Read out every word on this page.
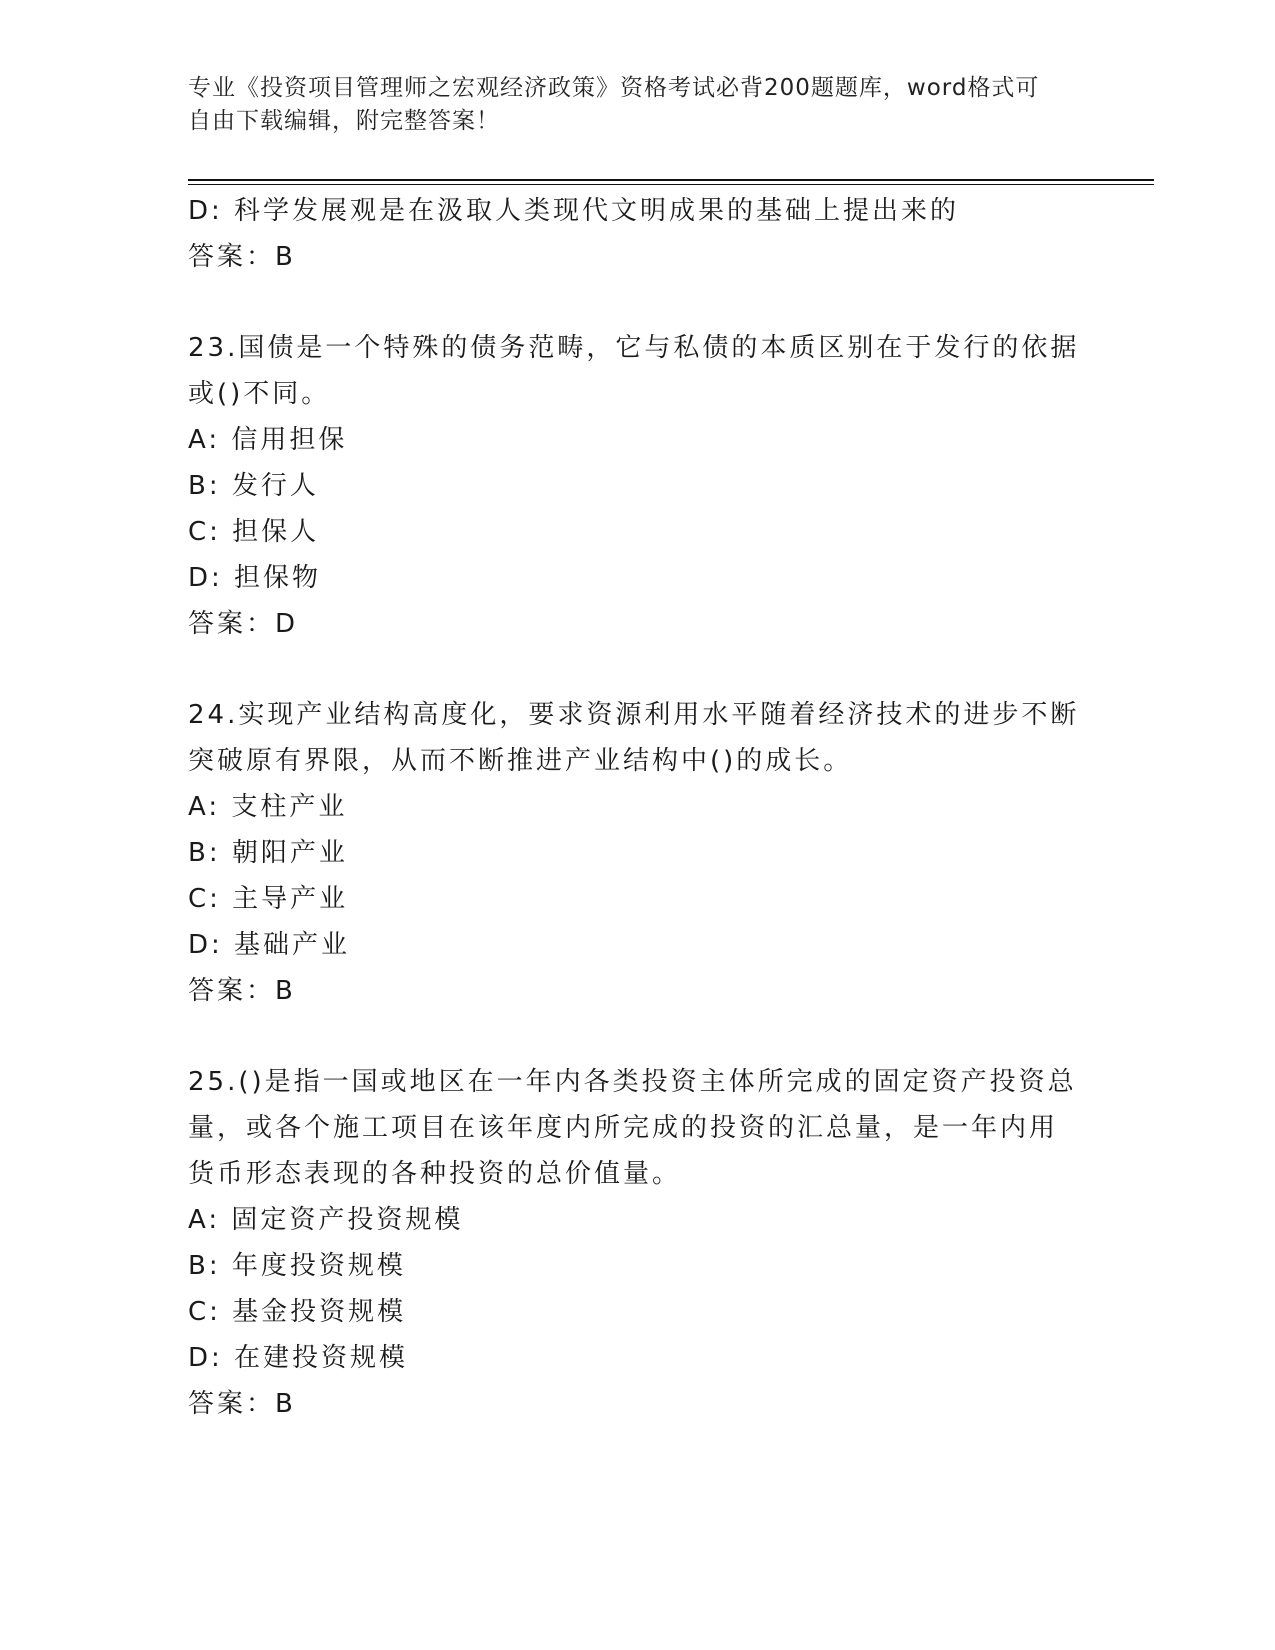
专业《投资项目管理师之宏观经济政策》资格考试必背200题题库，word格式可
自由下载编辑，附完整答案！
D: 科学发展观是在汲取人类现代文明成果的基础上提出来的
答案：B
23.国债是一个特殊的债务范畴，它与私债的本质区别在于发行的依据
或()不同。
A: 信用担保
B: 发行人
C: 担保人
D: 担保物
答案：D
24.实现产业结构高度化，要求资源利用水平随着经济技术的进步不断
突破原有界限，从而不断推进产业结构中()的成长。
A: 支柱产业
B: 朝阳产业
C: 主导产业
D: 基础产业
答案：B
25.()是指一国或地区在一年内各类投资主体所完成的固定资产投资总
量，或各个施工项目在该年度内所完成的投资的汇总量，是一年内用
货币形态表现的各种投资的总价值量。
A: 固定资产投资规模
B: 年度投资规模
C: 基金投资规模
D: 在建投资规模
答案：B
